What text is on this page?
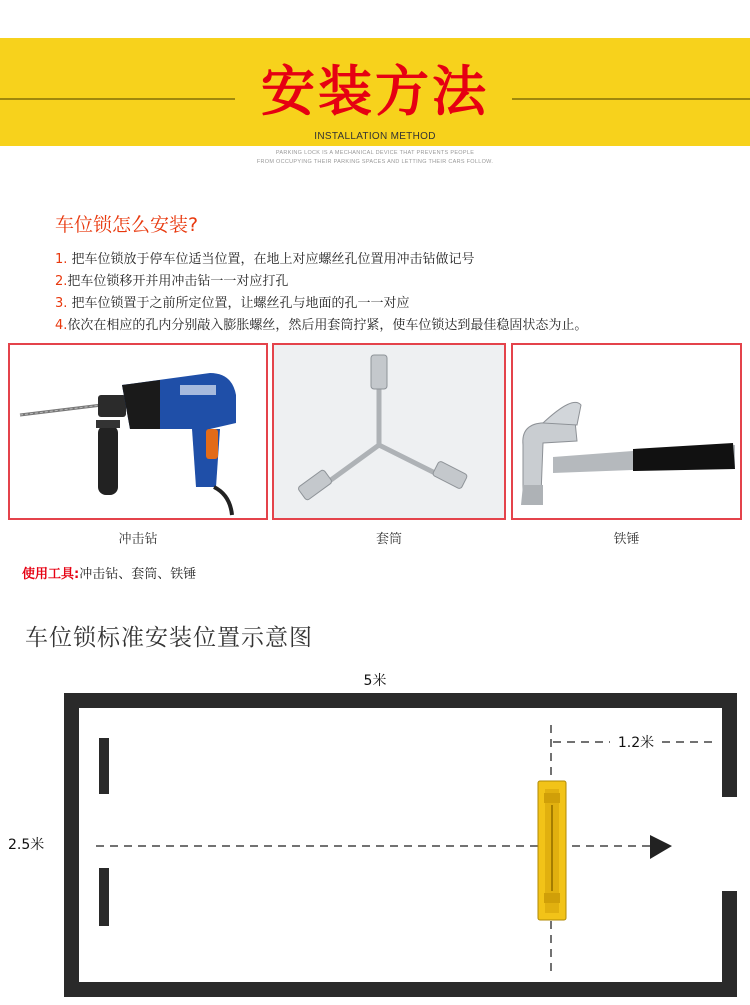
安装方法
INSTALLATION METHOD
PARKING LOCK IS A MECHANICAL DEVICE THAT PREVENTS PEOPLE
FROM OCCUPYING THEIR PARKING SPACES AND LETTING THEIR CARS FOLLOW.
车位锁怎么安装?
1. 把车位锁放于停车位适当位置，在地上对应螺丝孔位置用冲击钻做记号
2.把车位锁移开并用冲击钻一一对应打孔
3. 把车位锁置于之前所定位置，让螺丝孔与地面的孔一一对应
4.依次在相应的孔内分别敲入膨胀螺丝，然后用套筒拧紧，使车位锁达到最佳稳固状态为止。
冲击钻	套筒	铁锤
使用工具:冲击钻、套筒、铁锤
车位锁标准安装位置示意图
5米
2.5米
1.2米
